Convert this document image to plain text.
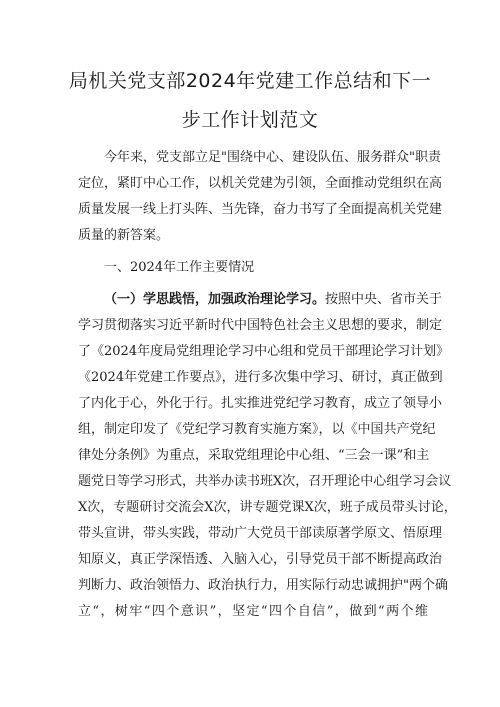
局机关党支部2024年党建工作总结和下一
步工作计划范文
今年来，党支部立足"围绕中心、建设队伍、服务群众"职责
定位，紧盯中心工作，以机关党建为引领，全面推动党组织在高
质量发展一线上打头阵、当先锋，奋力书写了全面提高机关党建
质量的新答案。
一、2024年工作主要情况
（一）学思践悟，加强政治理论学习。按照中央、省市关于
学习贯彻落实习近平新时代中国特色社会主义思想的要求，制定
了《2024年度局党组理论学习中心组和党员干部理论学习计划》
《2024年党建工作要点》，进行多次集中学习、研讨，真正做到
了内化于心，外化于行。扎实推进党纪学习教育，成立了领导小
组，制定印发了《党纪学习教育实施方案》，以《中国共产党纪
律处分条例》为重点，采取党组理论中心组、“三会一课”和主
题党日等学习形式，共举办读书班X次，召开理论中心组学习会议
X次，专题研讨交流会X次，讲专题党课X次，班子成员带头讨论，
带头宣讲，带头实践，带动广大党员干部读原著学原文、悟原理
知原义，真正学深悟透、入脑入心，引导党员干部不断提高政治
判断力、政治领悟力、政治执行力，用实际行动忠诚拥护"两个确
立“，树牢“四个意识”，坚定“四个自信”，做到“两个维
